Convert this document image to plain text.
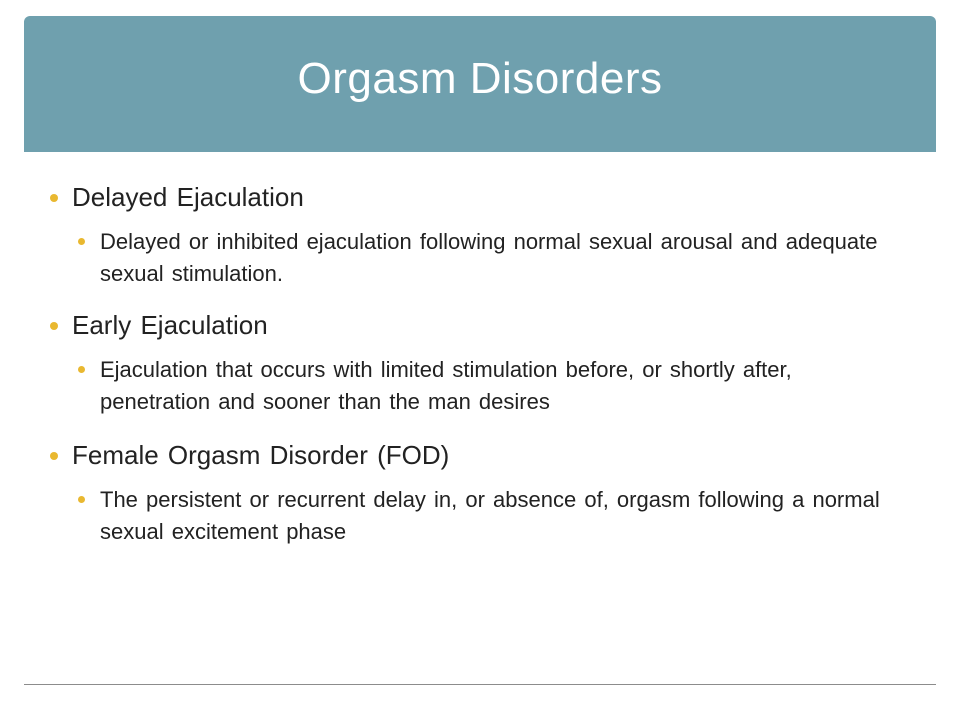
Orgasm Disorders
Delayed Ejaculation
Delayed or inhibited ejaculation following normal sexual arousal and adequate sexual stimulation.
Early Ejaculation
Ejaculation that occurs with limited stimulation before, or shortly after, penetration and sooner than the man desires
Female Orgasm Disorder (FOD)
The persistent or recurrent delay in, or absence of, orgasm following a normal sexual excitement phase
